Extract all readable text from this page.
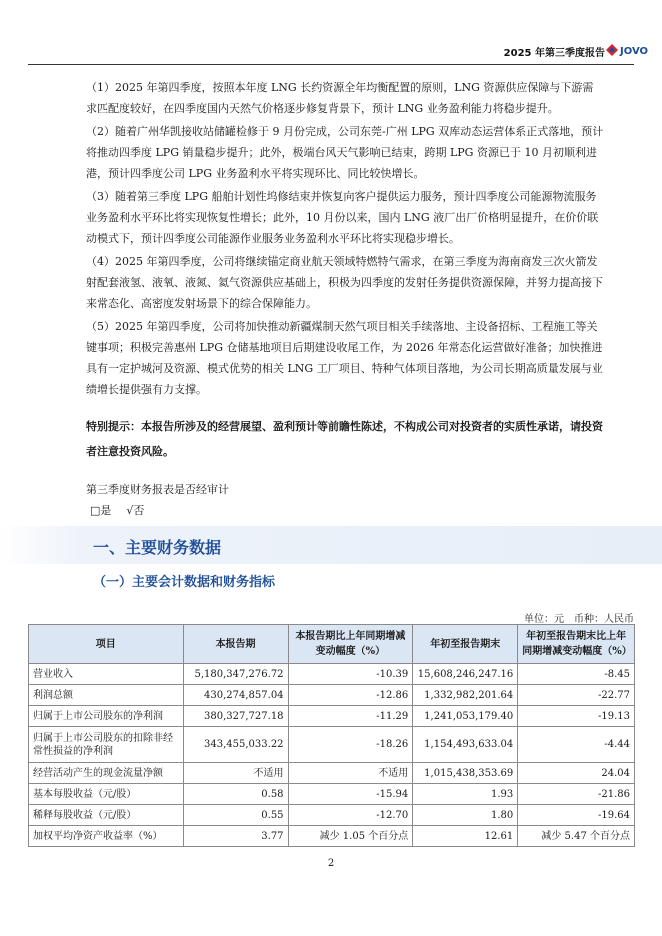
2025 年第三季度报告 JOVO

（1）2025 年第四季度，按照本年度 LNG 长约资源全年均衡配置的原则，LNG 资源供应保障与下游需求匹配度较好，在四季度国内天然气价格逐步修复背景下，预计 LNG 业务盈利能力将稳步提升。

（2）随着广州华凯接收站储罐检修于 9 月份完成，公司东莞-广州 LPG 双库动态运营体系正式落地，预计将推动四季度 LPG 销量稳步提升；此外，极端台风天气影响已结束，跨期 LPG 资源已于 10 月初顺利进港，预计四季度公司 LPG 业务盈利水平将实现环比、同比较快增长。

（3）随着第三季度 LPG 船舶计划性坞修结束并恢复向客户提供运力服务，预计四季度公司能源物流服务业务盈利水平环比将实现恢复性增长；此外，10 月份以来，国内 LNG 液厂出厂价格明显提升，在价价联动模式下，预计四季度公司能源作业服务业务盈利水平环比将实现稳步增长。

（4）2025 年第四季度，公司将继续锚定商业航天领域特燃特气需求，在第三季度为海南商发三次火箭发射配套液氢、液氧、液氮、氦气资源供应基础上，积极为四季度的发射任务提供资源保障，并努力提高接下来常态化、高密度发射场景下的综合保障能力。

（5）2025 年第四季度，公司将加快推动新疆煤制天然气项目相关手续落地、主设备招标、工程施工等关键事项；积极完善惠州 LPG 仓储基地项目后期建设收尾工作，为 2026 年常态化运营做好准备；加快推进具有一定护城河及资源、模式优势的相关 LNG 工厂项目、特种气体项目落地，为公司长期高质量发展与业绩增长提供强有力支撑。

特别提示：本报告所涉及的经营展望、盈利预计等前瞻性陈述，不构成公司对投资者的实质性承诺，请投资者注意投资风险。
第三季度财务报表是否经审计
□是 √否
一、主要财务数据
（一）主要会计数据和财务指标
单位：元　币种：人民币
项目	本报告期	本报告期比上年同期增减变动幅度（%）	年初至报告期末	年初至报告期末比上年同期增减变动幅度（%）
营业收入	5,180,347,276.72	-10.39	15,608,246,247.16	-8.45
利润总额	430,274,857.04	-12.86	1,332,982,201.64	-22.77
归属于上市公司股东的净利润	380,327,727.18	-11.29	1,241,053,179.40	-19.13
归属于上市公司股东的扣除非经常性损益的净利润	343,455,033.22	-18.26	1,154,493,633.04	-4.44
经营活动产生的现金流量净额	不适用	不适用	1,015,438,353.69	24.04
基本每股收益（元/股）	0.58	-15.94	1.93	-21.86
稀释每股收益（元/股）	0.55	-12.70	1.80	-19.64
加权平均净资产收益率（%）	3.77	减少 1.05 个百分点	12.61	减少 5.47 个百分点
2
